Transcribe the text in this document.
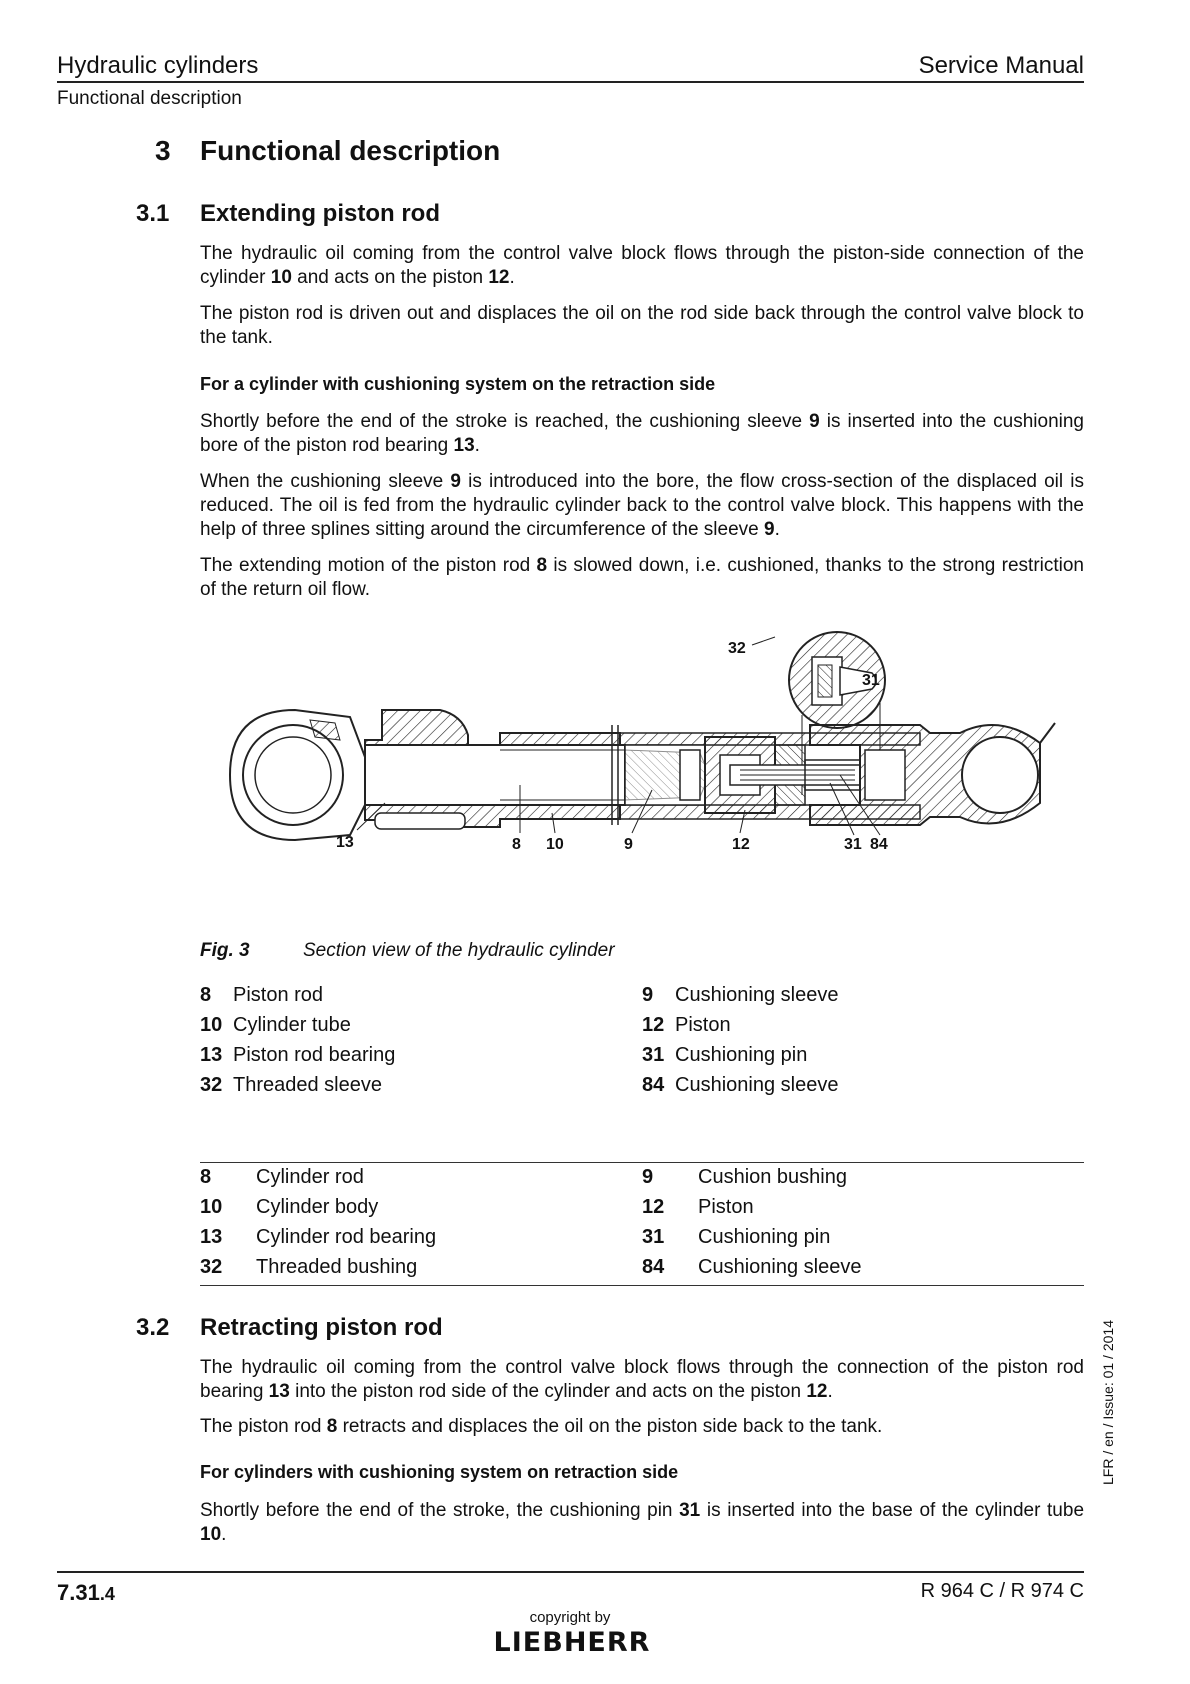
Hydraulic cylinders	Service Manual
Functional description
3 Functional description
3.1 Extending piston rod
The hydraulic oil coming from the control valve block flows through the piston-side connection of the cylinder 10 and acts on the piston 12.
The piston rod is driven out and displaces the oil on the rod side back through the control valve block to the tank.
For a cylinder with cushioning system on the retraction side
Shortly before the end of the stroke is reached, the cushioning sleeve 9 is inserted into the cushioning bore of the piston rod bearing 13.
When the cushioning sleeve 9 is introduced into the bore, the flow cross-section of the displaced oil is reduced. The oil is fed from the hydraulic cylinder back to the control valve block. This happens with the help of three splines sitting around the circumference of the sleeve 9.
The extending motion of the piston rod 8 is slowed down, i.e. cushioned, thanks to the strong restriction of the return oil flow.
32
31
13	8 10	9	12	31 84
Fig. 3	Section view of the hydraulic cylinder
8 Piston rod	9 Cushioning sleeve
10 Cylinder tube	12 Piston
13 Piston rod bearing	31 Cushioning pin
32 Threaded sleeve	84 Cushioning sleeve
8 Cylinder rod	9 Cushion bushing
10 Cylinder body	12 Piston
13 Cylinder rod bearing	31 Cushioning pin
32 Threaded bushing	84 Cushioning sleeve
3.2 Retracting piston rod
The hydraulic oil coming from the control valve block flows through the connection of the piston rod bearing 13 into the piston rod side of the cylinder and acts on the piston 12.
The piston rod 8 retracts and displaces the oil on the piston side back to the tank.
For cylinders with cushioning system on retraction side
Shortly before the end of the stroke, the cushioning pin 31 is inserted into the base of the cylinder tube 10.
LFR / en / Issue: 01 / 2014
7.31.4	R 964 C / R 974 C
copyright by
LIEBHERR
